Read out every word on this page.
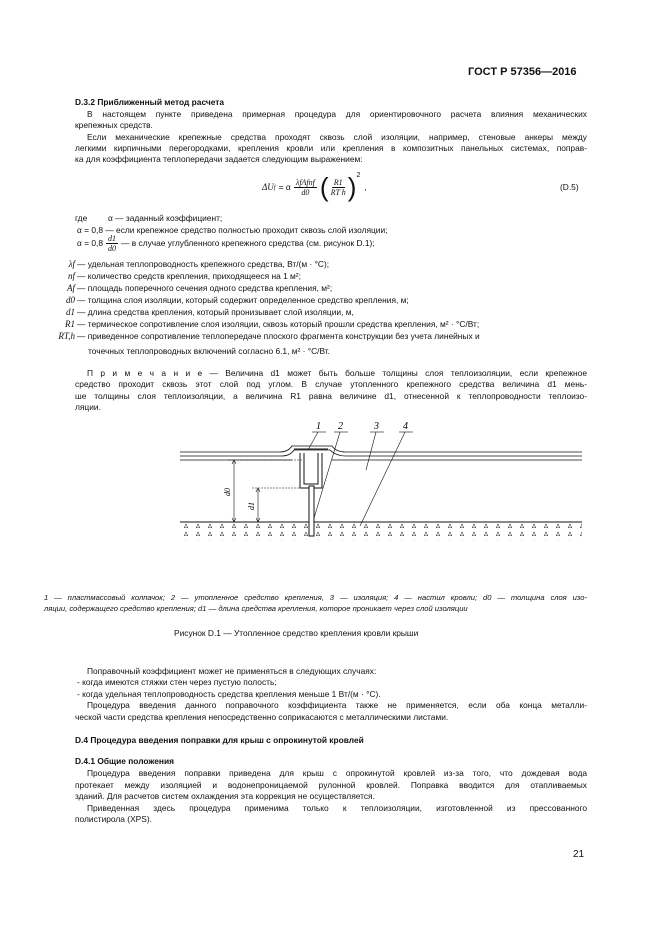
ГОСТ Р 57356—2016
D.3.2 Приближенный метод расчета
В настоящем пункте приведена примерная процедура для ориентировочного расчета влияния механических
крепежных средств.
Если механические крепежные средства проходят сквозь слой изоляции, например, стеновые анкеры между
легкими кирпичными перегородками, крепления кровли или крепления в композитных панельных системах, поправ-
ка для коэффициента теплопередачи задается следующим выражением:
ΔU f = α $\frac{\text{λfAfnf}}{d0}$ ( $\frac{R1}{\text{RT h}} )^2$
,	(D.5)
где α — заданный коэффициент;
α = 0,8 — если крепежное средство полностью проходит сквозь слой изоляции;
$\alpha = 0,8 \frac{d1}{d0}$ — в случае углубленного крепежного средства (см. рисунок D.1);
λf — удельная теплопроводность крепежного средства, Вт/(м · °С);
nf — количество средств крепления, приходящееся на 1 м²;
Af — площадь поперечного сечения одного средства крепления, м²;
d0 — толщина слоя изоляции, который содержит определенное средство крепления, м;
d1 — длина средства крепления, который пронизывает слой изоляции, м,
R1 — термическое сопротивление слоя изоляции, сквозь который прошли средства крепления, м² · °С/Вт;
RT,h — приведенное сопротивление теплопередаче плоского фрагмента конструкции без учета линейных и
точечных теплопроводных включений согласно 6.1, м² · °С/Вт.
П р и м е ч а н и е — Величина d1 может быть больше толщины слоя теплоизоляции, если крепежное
средство проходит сквозь этот слой под углом. В случае утопленного крепежного средства величина d1 мень-
ше толщины слоя теплоизоляции, а величина R1 равна величине d1, отнесенной к теплопроводности теплоизо-
ляции.
d0
d1
1 2	3 4
1 — пластмассовый колпачок; 2 — утопленное средство крепления, 3 — изоляция; 4 — настил кровли; d0 — толщина слоя изо-
ляции, содержащего средство крепления; d1 — длина средства крепления, которое проникает через слой изоляции
Рисунок D.1 — Утопленное средство крепления кровли крыши
Поправочный коэффициент может не применяться в следующих случаях:
- когда имеются стяжки стен через пустую полость;
- когда удельная теплопроводность средства крепления меньше 1 Вт/(м · °С).
Процедура введения данного поправочного коэффициента также не применяется, если оба конца металли-
ческой части средства крепления непосредственно соприкасаются с металлическими листами.
D.4 Процедура введения поправки для крыш с опрокинутой кровлей
D.4.1 Общие положения
Процедура введения поправки приведена для крыш с опрокинутой кровлей из-за того, что дождевая вода
протекает между изоляцией и водонепроницаемой рулонной кровлей. Поправка вводится для отапливаемых
зданий. Для расчетов систем охлаждения эта коррекция не осуществляется.
Приведенная здесь процедура применима только к теплоизоляции, изготовленной из прессованного
полистирола (XPS).
21
